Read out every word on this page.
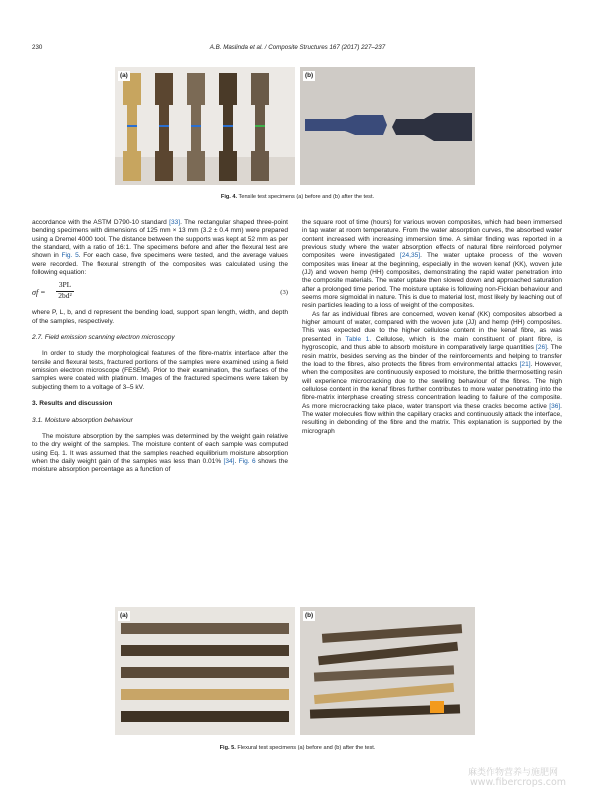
230	A.B. Maslinda et al. / Composite Structures 167 (2017) 227–237
(a)	(b)
Fig. 4. Tensile test specimens (a) before and (b) after the test.

accordance with the ASTM D790-10 standard [33]. The rectangular shaped three-point bending specimens with dimensions of 125 mm × 13 mm (3.2 ± 0.4 mm) were prepared using a Dremel 4000 tool. The distance between the supports was kept at 52 mm as per the standard, with a ratio of 16:1. The specimens before and after the flexural test are shown in Fig. 5. For each case, five specimens were tested, and the average values were recorded. The flexural strength of the composites was calculated using the following equation:

$\sigma f = \frac{3PL}{\text{2bd²}}$	(3)

where P, L, b, and d represent the bending load, support span length, width, and depth of the samples, respectively.

2.7. Field emission scanning electron microscopy

In order to study the morphological features of the fibre-matrix interface after the tensile and flexural tests, fractured portions of the samples were examined using a field emission electron microscope (FESEM). Prior to their examination, the surfaces of the samples were coated with platinum. Images of the fractured specimens were taken by subjecting them to a voltage of 3–5 kV.

3. Results and discussion

3.1. Moisture absorption behaviour

The moisture absorption by the samples was determined by the weight gain relative to the dry weight of the samples. The moisture content of each sample was computed using Eq. 1. It was assumed that the samples reached equilibrium moisture absorption when the daily weight gain of the samples was less than 0.01% [34]. Fig. 6 shows the moisture absorption percentage as a function of

the square root of time (hours) for various woven composites, which had been immersed in tap water at room temperature. From the water absorption curves, the absorbed water content increased with increasing immersion time. A similar finding was reported in a previous study where the water absorption effects of natural fibre reinforced polymer composites were investigated [24,35]. The water uptake process of the woven composites was linear at the beginning, especially in the woven kenaf (KK), woven jute (JJ) and woven hemp (HH) composites, demonstrating the rapid water penetration into the composite materials. The water uptake then slowed down and approached saturation after a prolonged time period. The moisture uptake is following non-Fickian behaviour and seems more sigmoidal in nature. This is due to material lost, most likely by leaching out of resin particles leading to a loss of weight of the composites.

As far as individual fibres are concerned, woven kenaf (KK) composites absorbed a higher amount of water, compared with the woven jute (JJ) and hemp (HH) composites. This was expected due to the higher cellulose content in the kenaf fibre, as was presented in Table 1. Cellulose, which is the main constituent of plant fibre, is hygroscopic, and thus able to absorb moisture in comparatively large quantities [26]. The resin matrix, besides serving as the binder of the reinforcements and helping to transfer the load to the fibres, also protects the fibres from environmental attacks [21]. However, when the composites are continuously exposed to moisture, the brittle thermosetting resin will experience microcracking due to the swelling behaviour of the fibres. The high cellulose content in the kenaf fibres further contributes to more water penetrating into the fibre-matrix interphase creating stress concentration leading to failure of the composite. As more microcracking take place, water transport via these cracks become active [36]. The water molecules flow within the capillary cracks and continuously attack the interface, resulting in debonding of the fibre and the matrix. This explanation is supported by the micrograph

(a)	(b)
Fig. 5. Flexural test specimens (a) before and (b) after the test.
麻类作物营养与施肥网
www.fibercrops.com
